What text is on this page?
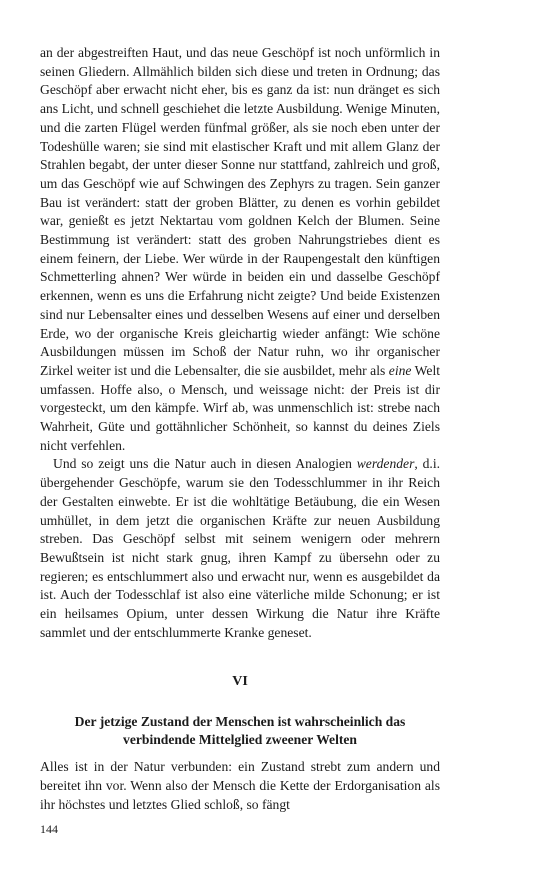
an der abgestreiften Haut, und das neue Geschöpf ist noch unförmlich in seinen Gliedern. Allmählich bilden sich diese und treten in Ordnung; das Geschöpf aber erwacht nicht eher, bis es ganz da ist: nun dränget es sich ans Licht, und schnell geschiehet die letzte Ausbildung. Wenige Minuten, und die zarten Flügel werden fünfmal größer, als sie noch eben unter der Todeshülle waren; sie sind mit elastischer Kraft und mit allem Glanz der Strahlen begabt, der unter dieser Sonne nur stattfand, zahlreich und groß, um das Geschöpf wie auf Schwingen des Zephyrs zu tragen. Sein ganzer Bau ist verändert: statt der groben Blätter, zu denen es vorhin gebildet war, genießt es jetzt Nektartau vom goldnen Kelch der Blumen. Seine Bestimmung ist verändert: statt des groben Nahrungstriebes dient es einem feinern, der Liebe. Wer würde in der Raupengestalt den künftigen Schmetterling ahnen? Wer würde in beiden ein und dasselbe Geschöpf erkennen, wenn es uns die Erfahrung nicht zeigte? Und beide Existenzen sind nur Lebensalter eines und desselben Wesens auf einer und derselben Erde, wo der organische Kreis gleichartig wieder anfängt: Wie schöne Ausbildungen müssen im Schoß der Natur ruhn, wo ihr organischer Zirkel weiter ist und die Lebensalter, die sie ausbildet, mehr als eine Welt umfassen. Hoffe also, o Mensch, und weissage nicht: der Preis ist dir vorgesteckt, um den kämpfe. Wirf ab, was unmenschlich ist: strebe nach Wahrheit, Güte und gottähnlicher Schönheit, so kannst du deines Ziels nicht verfehlen.

Und so zeigt uns die Natur auch in diesen Analogien werdender, d.i. übergehender Geschöpfe, warum sie den Todesschlummer in ihr Reich der Gestalten einwebte. Er ist die wohltätige Betäubung, die ein Wesen umhüllet, in dem jetzt die organischen Kräfte zur neuen Ausbildung streben. Das Geschöpf selbst mit seinem wenigern oder mehrern Bewußtsein ist nicht stark gnug, ihren Kampf zu übersehn oder zu regieren; es entschlummert also und erwacht nur, wenn es ausgebildet da ist. Auch der Todesschlaf ist also eine väterliche milde Schonung; er ist ein heilsames Opium, unter dessen Wirkung die Natur ihre Kräfte sammlet und der entschlummerte Kranke geneset.

VI
Der jetzige Zustand der Menschen ist wahrscheinlich das verbindende Mittelglied zweener Welten

Alles ist in der Natur verbunden: ein Zustand strebt zum andern und bereitet ihn vor. Wenn also der Mensch die Kette der Erdorganisation als ihr höchstes und letztes Glied schloß, so fängt

144
